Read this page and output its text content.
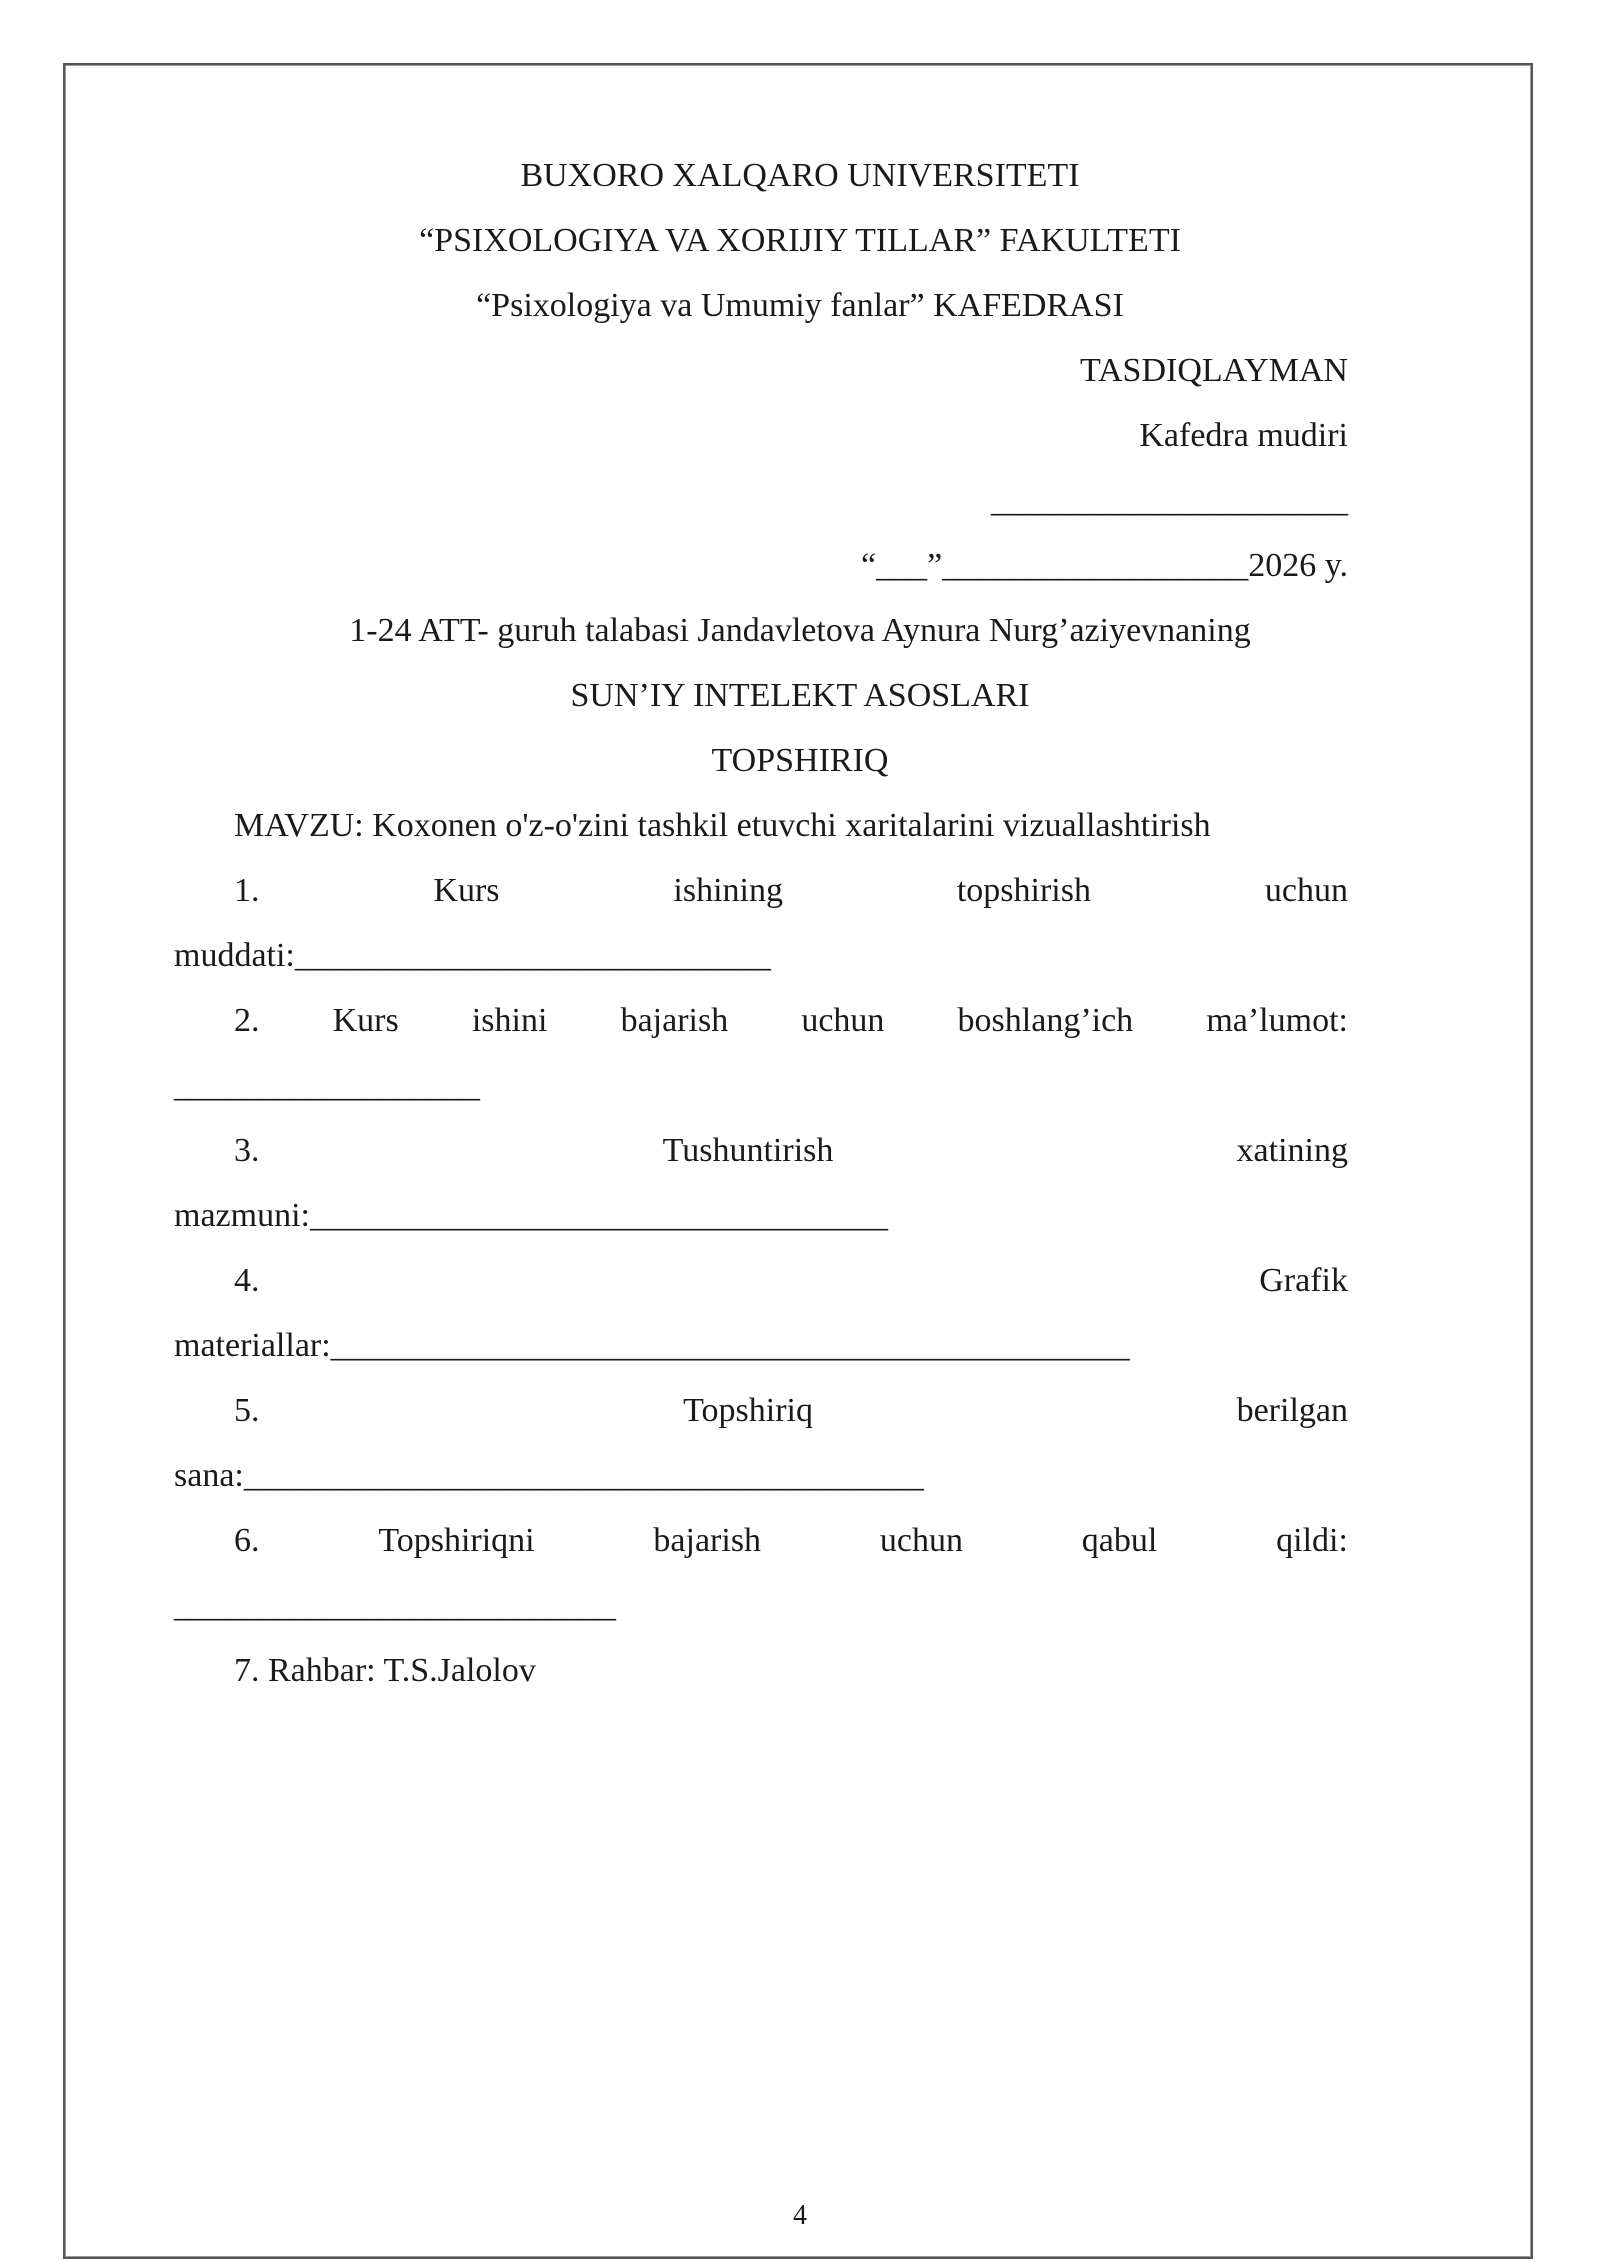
BUXORO XALQARO UNIVERSITETI
“PSIXOLOGIYA VA XORIJIY TILLAR” FAKULTETI
“Psixologiya va Umumiy fanlar” KAFEDRASI
TASDIQLAYMAN
Kafedra mudiri
_____________________
“___”__________________2026 y.
1-24 ATT- guruh talabasi Jandavletova Aynura Nurg’aziyevnaning
SUN’IY INTELEKT ASOSLARI
TOPSHIRIQ
MAVZU: Koxonen o'z-o'zini tashkil etuvchi xaritalarini vizuallashtirish
1.	Kurs	ishining	topshirish	uchun
muddati:____________________________
2. Kurs ishini bajarish uchun boshlang’ich ma’lumot:
__________________
3.	Tushuntirish	xatining
mazmuni:__________________________________
4.	Grafik
materiallar:_______________________________________________
5.	Topshiriq	berilgan
sana:________________________________________
6.	Topshiriqni	bajarish	uchun	qabul	qildi:
__________________________
7. Rahbar: T.S.Jalolov
4
